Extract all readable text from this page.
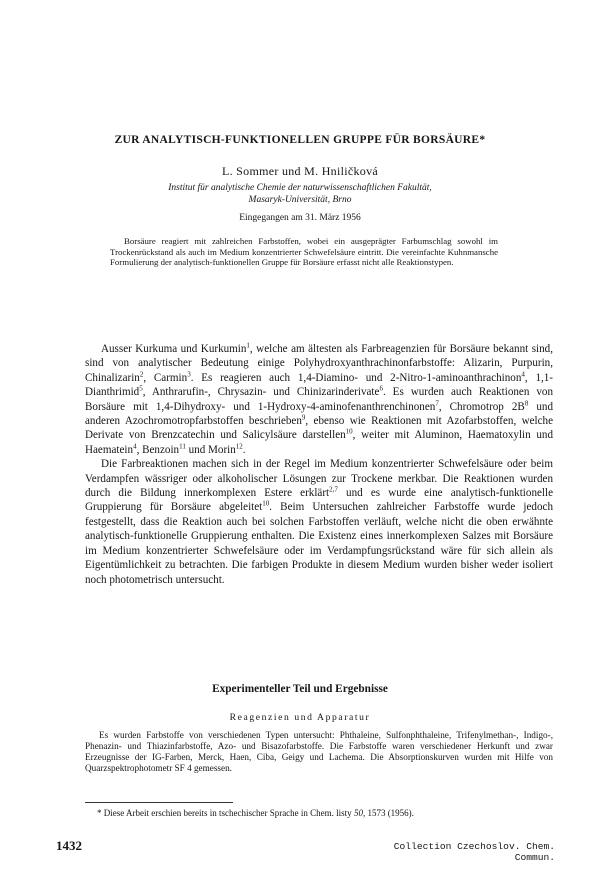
ZUR ANALYTISCH-FUNKTIONELLEN GRUPPE FÜR BORSÄURE*
L. Sommer und M. Hniličková
Institut für analytische Chemie der naturwissenschaftlichen Fakultät,
Masaryk-Universität, Brno
Eingegangen am 31. März 1956
Borsäure reagiert mit zahlreichen Farbstoffen, wobei ein ausgeprägter Farbumschlag sowohl im Trockenrückstand als auch im Medium konzentrierter Schwefelsäure eintritt. Die vereinfachte Kuhnmansche Formulierung der analytisch-funktionellen Gruppe für Borsäure erfasst nicht alle Reaktionstypen.

Ausser Kurkuma und Kurkumin$^1$, welche am ältesten als Farbreagenzien für Borsäure bekannt sind, sind von analytischer Bedeutung einige Polyhydroxyanthrachinonfarbstoffe: Alizarin, Purpurin, Chinalizarin$^2$, Carmin$^3$. Es reagieren auch 1,4-Diamino- und 2-Nitro-1-aminoanthrachinon$^4$, 1,1-Dianthrimid$^5$, Anthrarufin-, Chrysazin- und Chinizarinderivate$^6$. Es wurden auch Reaktionen von Borsäure mit 1,4-Dihydroxy- und 1-Hydroxy-4-aminofenanthrenchinonen$^7$, Chromotrop $2B^8$ und anderen Azochromotropfarbstoffen beschrieben$^9$, ebenso wie Reaktionen mit Azofarbstoffen, welche Derivate von Brenzcatechin und Salicylsäure darstellen$^{10}$, weiter mit Aluminon, Haematoxylin und Haematein$^4$, Benzoin$^{11}$ und Morin$^{12}$.

Die Farbreaktionen machen sich in der Regel im Medium konzentrierter Schwefelsäure oder beim Verdampfen wässriger oder alkoholischer Lösungen zur Trockene merkbar. Die Reaktionen wurden durch die Bildung innerkomplexen Estere erklärt$^{2,7}$ und es wurde eine analytisch-funktionelle Gruppierung für Borsäure abgeleitet$^{10}$. Beim Untersuchen zahlreicher Farbstoffe wurde jedoch festgestellt, dass die Reaktion auch bei solchen Farbstoffen verläuft, welche nicht die oben erwähnte analytisch-funktionelle Gruppierung enthalten. Die Existenz eines innerkomplexen Salzes mit Borsäure im Medium konzentrierter Schwefelsäure oder im Verdampfungsrückstand wäre für sich allein als Eigentümlichkeit zu betrachten. Die farbigen Produkte in diesem Medium wurden bisher weder isoliert noch photometrisch untersucht.

Experimenteller Teil und Ergebnisse
Reagenzien und Apparatur
Es wurden Farbstoffe von verschiedenen Typen untersucht: Phthaleine, Sulfonphthaleine, Trifenylmethan-, Indigo-, Phenazin- und Thiazinfarbstoffe, Azo- und Bisazofarbstoffe. Die Farbstoffe waren verschiedener Herkunft und zwar Erzeugnisse der IG-Farben, Merck, Haen, Ciba, Geigy und Lachema. Die Absorptionskurven wurden mit Hilfe von Quarzspektrophotometr SF 4 gemessen.
* Diese Arbeit erschien bereits in tschechischer Sprache in Chem. listy 50, 1573 (1956).
1432	Collection Czechoslov. Chem. Commun.
